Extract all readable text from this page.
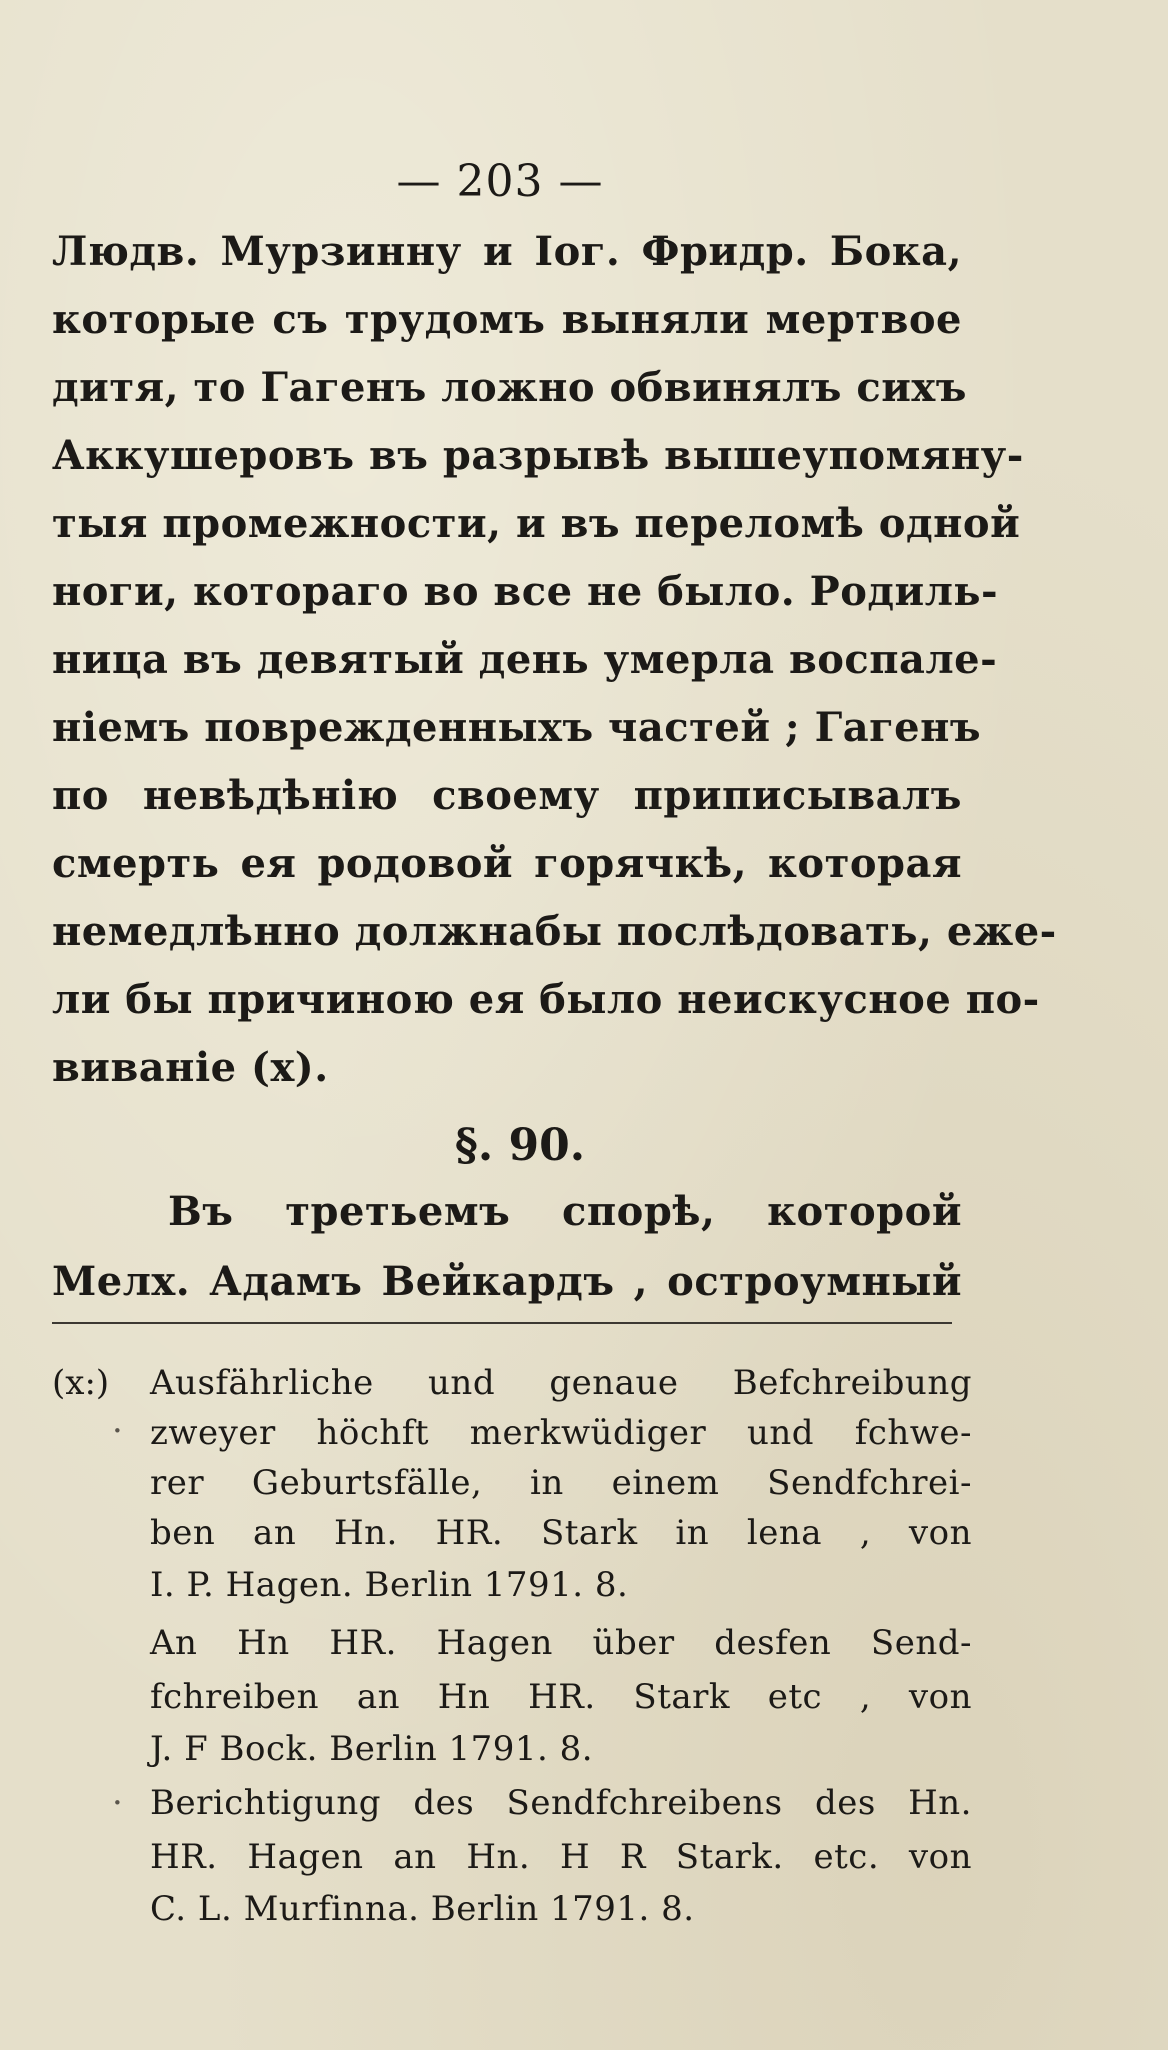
— 203 —
Людв. Мурзинну и Іог. Фридр. Бока,
которые съ трудомъ выняли мертвое
дитя, то Гагенъ ложно обвинялъ сихъ
Аккушеровъ въ разрывѣ вышеупомяну-
тыя промежности, и въ переломѣ одной
ноги, котораго во все не было. Родиль-
ница въ девятый день умерла воспале-
ніемъ поврежденныхъ частей ; Гагенъ
по невѣдѣнію своему приписывалъ
смерть ея родовой горячкѣ, которая
немедлѣнно должнабы послѣдовать, еже-
ли бы причиною ея было неискусное по-
виваніе (x).
§. 90.
Въ третьемъ спорѣ, которой
Мелх. Адамъ Вейкардъ , остроумный
(x:) Ausfährliche und genaue Befchreibung
· zweyer höchft merkwüdiger und fchwe-
rer Geburtsfälle, in einem Sendfchrei-
ben an Hn. HR. Stark in lena , von
I. P. Hagen. Berlin 1791. 8.
An Hn HR. Hagen über desfen Send-
fchreiben an Hn HR. Stark etc , von
J. F Bock. Berlin 1791. 8.
· Berichtigung des Sendfchreibens des Hn.
HR. Hagen an Hn. H R Stark. etc. von
C. L. Murfinna. Berlin 1791. 8.
